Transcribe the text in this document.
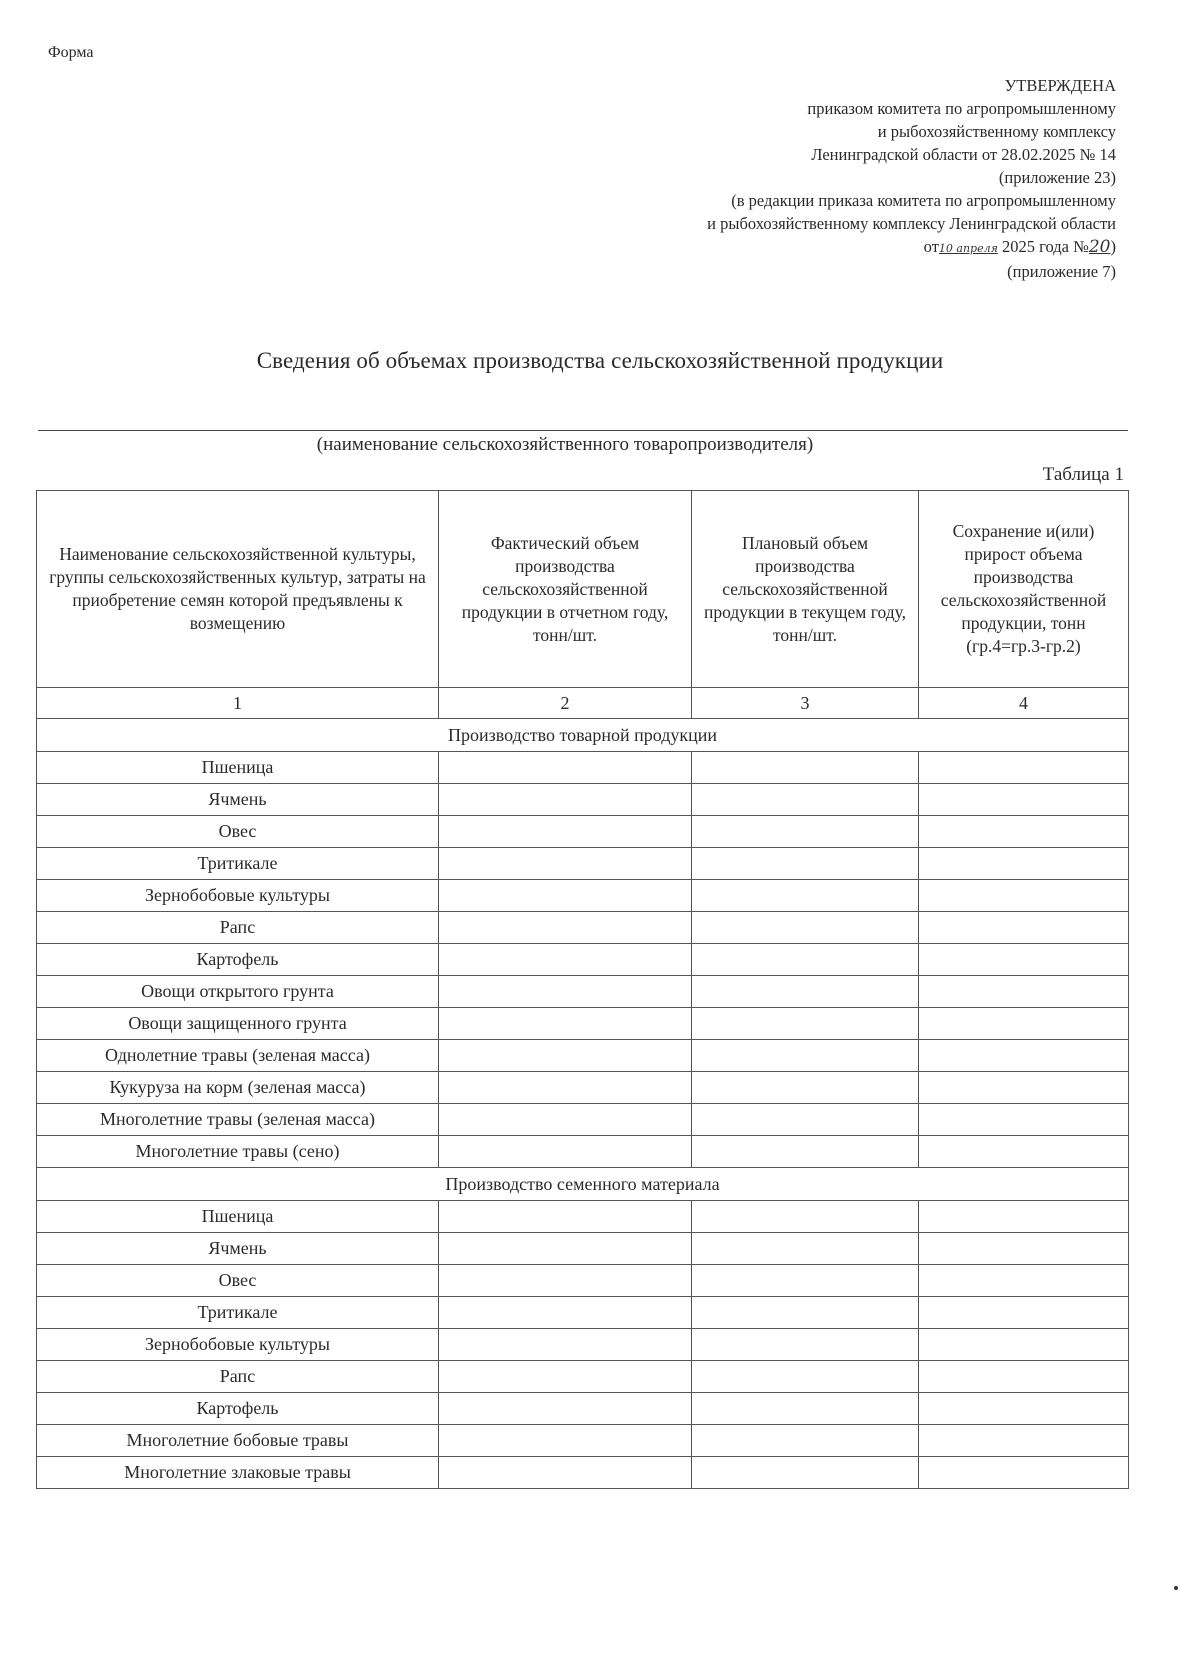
Форма
УТВЕРЖДЕНА
приказом комитета по агропромышленному
и рыбохозяйственному комплексу
Ленинградской области от 28.02.2025 № 14
(приложение 23)
(в редакции приказа комитета по агропромышленному
и рыбохозяйственному комплексу Ленинградской области
от10 апреля 2025 года №20)
(приложение 7)
Сведения об объемах производства сельскохозяйственной продукции
(наименование сельскохозяйственного товаропроизводителя)
Таблица 1
Наименование сельскохозяйственной культуры, группы сельскохозяйственных культур, затраты на приобретение семян которой предъявлены к возмещению	Фактический объем производства сельскохозяйственной продукции в отчетном году, тонн/шт.	Плановый объем производства сельскохозяйственной продукции в текущем году, тонн/шт.	Сохранение и(или) прирост объема производства сельскохозяйственной продукции, тонн (гр.4=гр.3-гр.2)
1	2	3	4
Производство товарной продукции			
Пшеница			
Ячмень			
Овес			
Тритикале			
Зернобобовые культуры			
Рапс			
Картофель			
Овощи открытого грунта			
Овощи защищенного грунта			
Однолетние травы (зеленая масса)			
Кукуруза на корм (зеленая масса)			
Многолетние травы (зеленая масса)			
Многолетние травы (сено)			
Производство семенного материала			
Пшеница			
Ячмень			
Овес			
Тритикале			
Зернобобовые культуры			
Рапс			
Картофель			
Многолетние бобовые травы			
Многолетние злаковые травы			
